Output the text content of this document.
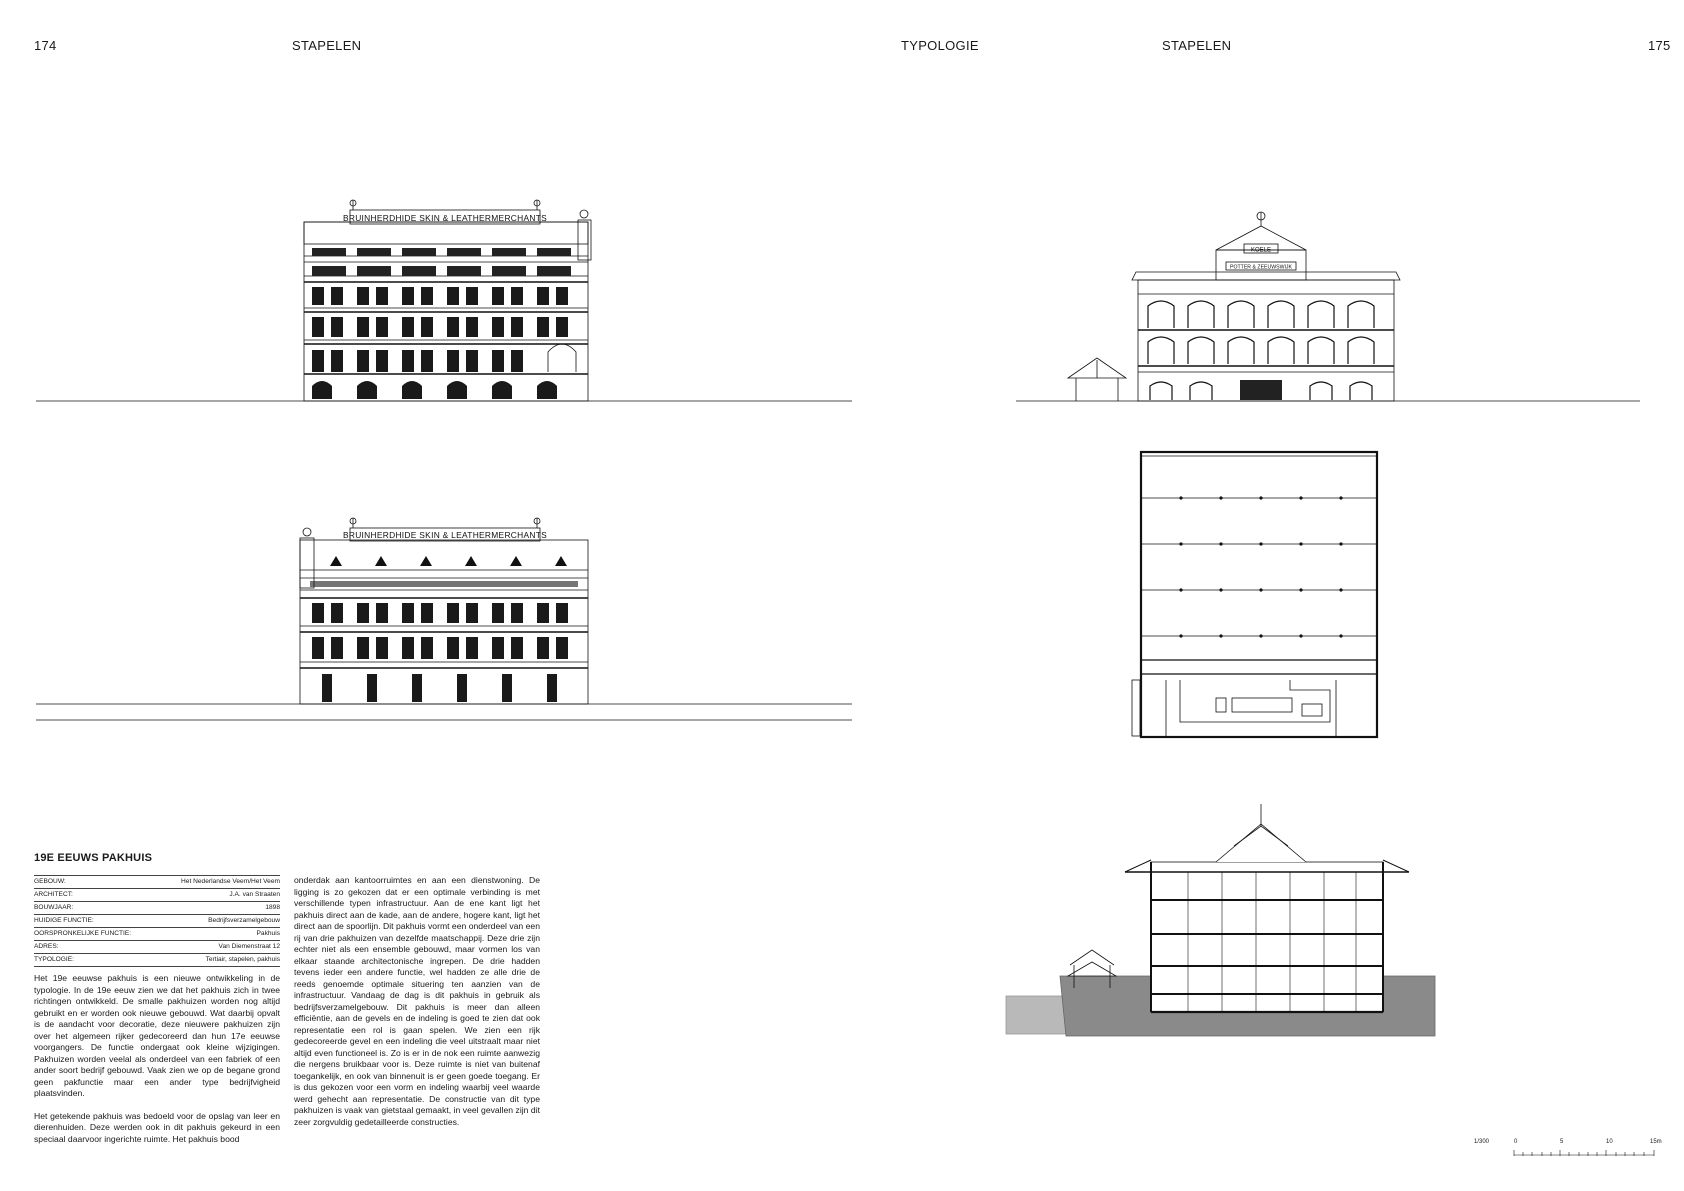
174	STAPELEN	TYPOLOGIE	STAPELEN	175
BRUINHERDHIDE SKIN & LEATHERMERCHANTS
BRUINHERDHIDE SKIN & LEATHERMERCHANTS
KOELE
POTTER & ZEEUWSWIJK
19E EEUWS PAKHUIS
GEBOUW:	Het Nederlandse Veem/Het Veem
ARCHITECT:	J.A. van Straaten
BOUWJAAR:	1898
HUIDIGE FUNCTIE:	Bedrijfsverzamelgebouw
OORSPRONKELIJKE FUNCTIE:	Pakhuis
ADRES:	Van Diemenstraat 12
TYPOLOGIE:	Tertiair, stapelen, pakhuis

Het 19e eeuwse pakhuis is een nieuwe ontwikkeling in de typologie. In de 19e eeuw zien we dat het pakhuis zich in twee richtingen ontwikkeld. De smalle pakhuizen worden nog altijd gebruikt en er worden ook nieuwe gebouwd. Wat daarbij opvalt is de aandacht voor decoratie, deze nieuwere pakhuizen zijn over het algemeen rijker gedecoreerd dan hun 17e eeuwse voorgangers. De functie ondergaat ook kleine wijzigingen. Pakhuizen worden veelal als onderdeel van een fabriek of een ander soort bedrijf gebouwd. Vaak zien we op de begane grond geen pakfunctie maar een ander type bedrijfvigheid plaatsvinden.

Het getekende pakhuis was bedoeld voor de opslag van leer en dierenhuiden. Deze werden ook in dit pakhuis gekeurd in een speciaal daarvoor ingerichte ruimte. Het pakhuis bood

onderdak aan kantoorruimtes en aan een dienstwoning. De ligging is zo gekozen dat er een optimale verbinding is met verschillende typen infrastructuur. Aan de ene kant ligt het pakhuis direct aan de kade, aan de andere, hogere kant, ligt het direct aan de spoorlijn. Dit pakhuis vormt een onderdeel van een rij van drie pakhuizen van dezelfde maatschappij. Deze drie zijn echter niet als een ensemble gebouwd, maar vormen los van elkaar staande architectonische ingrepen. De drie hadden tevens ieder een andere functie, wel hadden ze alle drie de reeds genoemde optimale situering ten aanzien van de infrastructuur. Vandaag de dag is dit pakhuis in gebruik als bedrijfsverzamelgebouw. Dit pakhuis is meer dan alleen efficiëntie, aan de gevels en de indeling is goed te zien dat ook representatie een rol is gaan spelen. We zien een rijk gedecoreerde gevel en een indeling die veel uitstraalt maar niet altijd even functioneel is. Zo is er in de nok een ruimte aanwezig die nergens bruikbaar voor is. Deze ruimte is niet van buitenaf toegankelijk, en ook van binnenuit is er geen goede toegang. Er is dus gekozen voor een vorm en indeling waarbij veel waarde werd gehecht aan representatie. De constructie van dit type pakhuizen is vaak van gietstaal gemaakt, in veel gevallen zijn dit zeer zorgvuldig gedetailleerde constructies.

1/300	0	5	10	15m
